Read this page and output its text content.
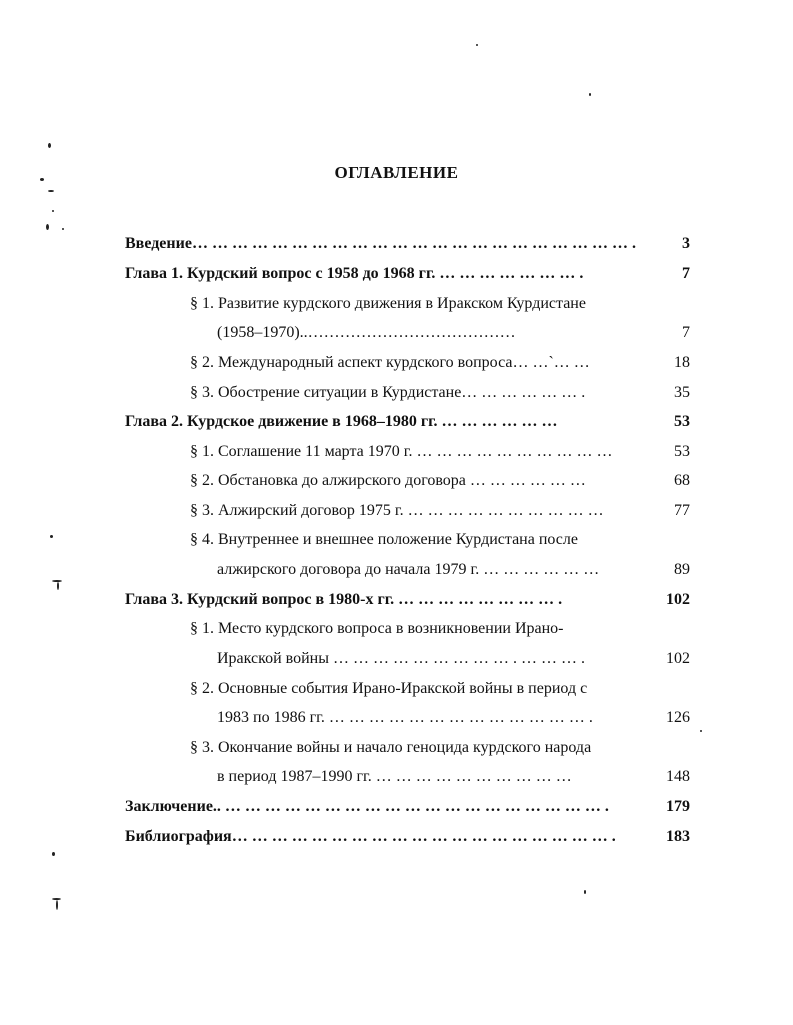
ОГЛАВЛЕНИЕ
Введение… … … … … … … … … … … … … … … … … … … … … … .	3
Глава 1. Курдский вопрос с 1958 до 1968 гг. … … … … … … … .	7
§ 1. Развитие курдского движения в Иракском Курдистане
(1958–1970)..…………………………………	7
§ 2. Международный аспект курдского вопроса… …`… …	18
§ 3. Обострение ситуации в Курдистане… … … … … … .	35
Глава 2. Курдское движение в 1968–1980 гг. … … … … … …	53
§ 1. Соглашение 11 марта 1970 г. … … … … … … … … … …	53
§ 2. Обстановка до алжирского договора … … … … … …	68
§ 3. Алжирский договор 1975 г. … … … … … … … … … …	77
§ 4. Внутреннее и внешнее положение Курдистана после
алжирского договора до начала 1979 г. … … … … … …	89
Глава 3. Курдский вопрос в 1980-х гг. … … … … … … … … .	102
§ 1. Место курдского вопроса в возникновении Ирано-
Иракской войны … … … … … … … … … . … … … .	102
§ 2. Основные события Ирано-Иракской войны в период с
1983 по 1986 гг. … … … … … … … … … … … … … .	126
§ 3. Окончание войны и начало геноцида курдского народа
в период 1987–1990 гг. … … … … … … … … … …	148
Заключение.. … … … … … … … … … … … … … … … … … … … .	179
Библиография… … … … … … … … … … … … … … … … … … … .	183
